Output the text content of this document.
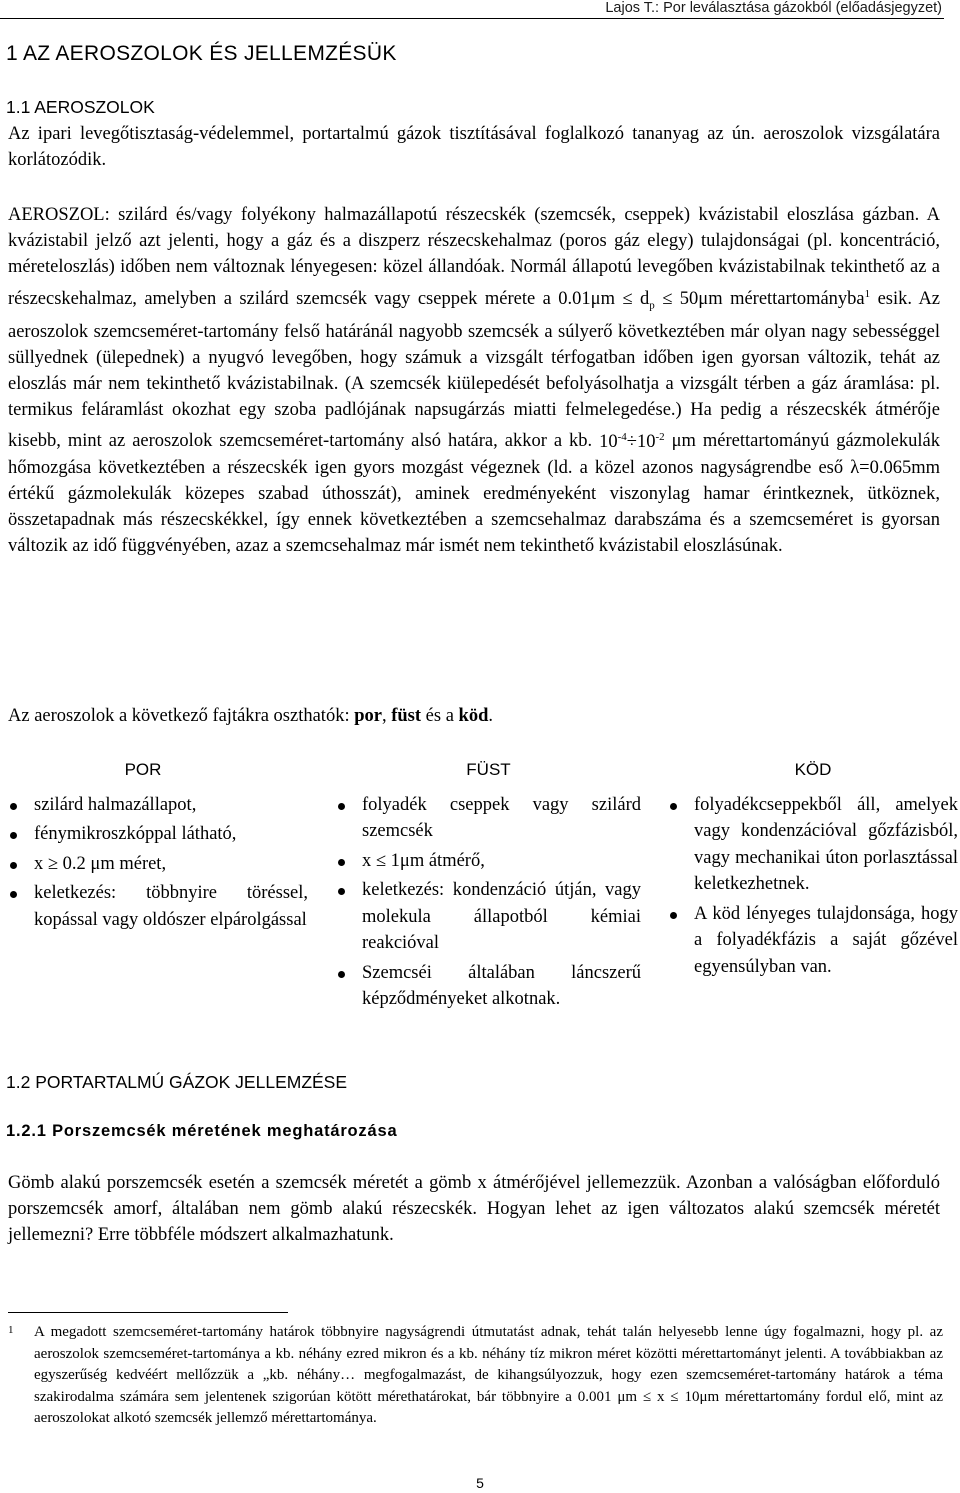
Lajos T.: Por leválasztása gázokból (előadásjegyzet)
1 AZ AEROSZOLOK ÉS JELLEMZÉSÜK
1.1 AEROSZOLOK

Az ipari levegőtisztaság-védelemmel, portartalmú gázok tisztításával foglalkozó tananyag az ún. aeroszolok vizsgálatára korlátozódik.

AEROSZOL: szilárd és/vagy folyékony halmazállapotú részecskék (szemcsék, cseppek) kvázistabil eloszlása gázban. A kvázistabil jelző azt jelenti, hogy a gáz és a diszperz részecskehalmaz (poros gáz elegy) tulajdonságai (pl. koncentráció, méreteloszlás) időben nem változnak lényegesen: közel állandóak. Normál állapotú levegőben kvázistabilnak tekinthető az a részecskehalmaz, amelyben a szilárd szemcsék vagy cseppek mérete a $0.01\mu m \le d_p \le 50\mu m$ mérettartományba$^1$ esik. Az aeroszolok szemcseméret-tartomány felső határánál nagyobb szemcsék a súlyerő következtében már olyan nagy sebességgel süllyednek (ülepednek) a nyugvó levegőben, hogy számuk a vizsgált térfogatban időben igen gyorsan változik, tehát az eloszlás már nem tekinthető kvázistabilnak. (A szemcsék kiülepedését befolyásolhatja a vizsgált térben a gáz áramlása: pl. termikus feláramlást okozhat egy szoba padlójának napsugárzás miatti felmelegedése.) Ha pedig a részecskék átmérője kisebb, mint az aeroszolok szemcseméret-tartomány alsó határa, akkor a kb. $10^{-4}\div 10^{-2}$ μm mérettartományú gázmolekulák hőmozgása következtében a részecskék igen gyors mozgást végeznek (ld. a közel azonos nagyságrendbe eső λ=0.065mm értékű gázmolekulák közepes szabad úthosszát), aminek eredményeként viszonylag hamar érintkeznek, ütköznek, összetapadnak más részecskékkel, így ennek következtében a szemcsehalmaz darabszáma és a szemcseméret is gyorsan változik az idő függvényében, azaz a szemcsehalmaz már ismét nem tekinthető kvázistabil eloszlásúnak.

Az aeroszolok a következő fajtákra oszthatók: por, füst és a köd.

POR
szilárd halmazállapot,
fénymikroszkóppal látható,
x ≥ 0.2 μm méret,
keletkezés: többnyire töréssel, kopással vagy oldószer elpárolgással
FÜST
folyadék cseppek vagy szilárd szemcsék
x ≤ 1μm átmérő,
keletkezés: kondenzáció útján, vagy molekula állapotból kémiai reakcióval
Szemcséi általában láncszerű képződményeket alkotnak.
KÖD
folyadékcseppekből áll, amelyek vagy kondenzációval gőzfázisból, vagy mechanikai úton porlasztással keletkezhetnek.
A köd lényeges tulajdonsága, hogy a folyadékfázis a saját gőzével egyensúlyban van.
1.2 PORTARTALMÚ GÁZOK JELLEMZÉSE
1.2.1 Porszemcsék méretének meghatározása

Gömb alakú porszemcsék esetén a szemcsék méretét a gömb x átmérőjével jellemezzük. Azonban a valóságban előforduló porszemcsék amorf, általában nem gömb alakú részecskék. Hogyan lehet az igen változatos alakú szemcsék méretét jellemezni? Erre többféle módszert alkalmazhatunk.

1 A megadott szemcseméret-tartomány határok többnyire nagyságrendi útmutatást adnak, tehát talán helyesebb lenne úgy fogalmazni, hogy pl. az aeroszolok szemcseméret-tartománya a kb. néhány ezred mikron és a kb. néhány tíz mikron méret közötti mérettartományt jelenti. A továbbiakban az egyszerűség kedvéért mellőzzük a „kb. néhány… megfogalmazást, de kihangsúlyozzuk, hogy ezen szemcseméret-tartomány határok a téma szakirodalma számára sem jelentenek szigorúan kötött mérethatárokat, bár többnyire a 0.001 μm ≤ x ≤ 10μm mérettartomány fordul elő, mint az aeroszolokat alkotó szemcsék jellemző mérettartománya.
5
